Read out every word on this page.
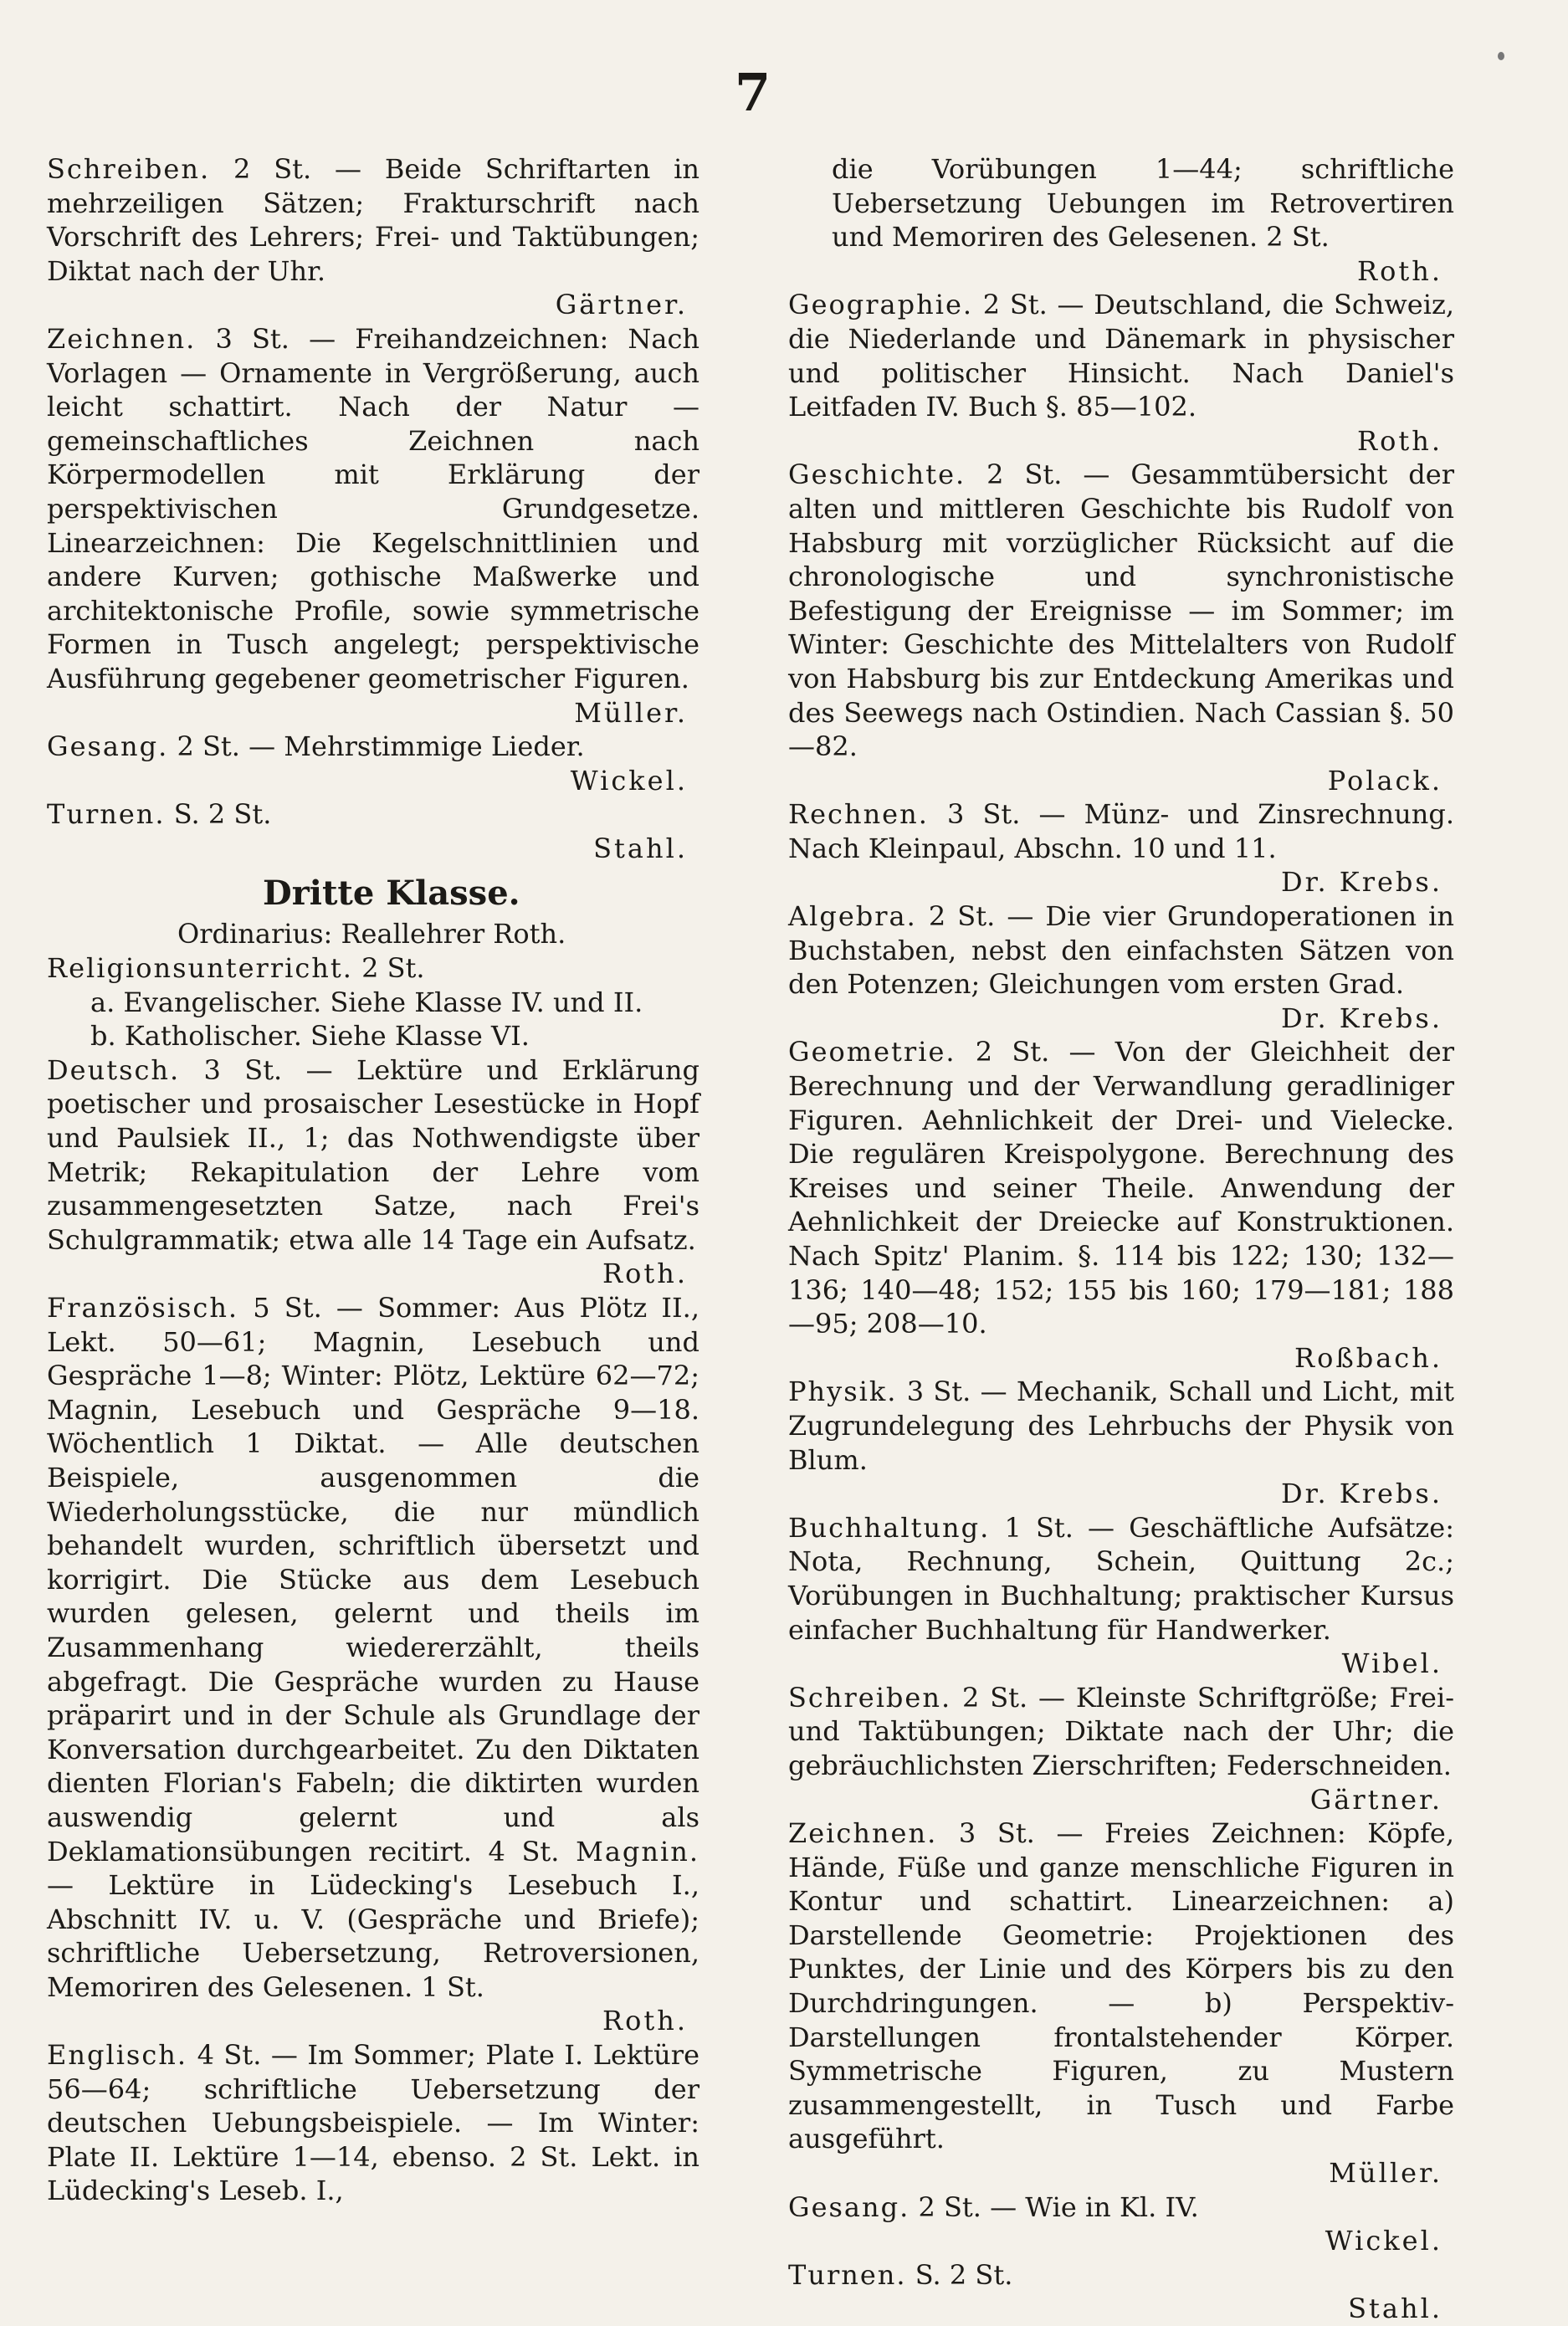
7

Schreiben. 2 St. — Beide Schriftarten in mehrzeiligen Sätzen; Frakturschrift nach Vorschrift des Lehrers; Frei- und Taktübungen; Diktat nach der Uhr.
Gärtner.

Zeichnen. 3 St. — Freihandzeichnen: Nach Vorlagen — Ornamente in Vergrößerung, auch leicht schattirt. Nach der Natur — gemeinschaftliches Zeichnen nach Körpermodellen mit Erklärung der perspektivischen Grundgesetze. Linearzeichnen: Die Kegelschnittlinien und andere Kurven; gothische Maßwerke und architektonische Profile, sowie symmetrische Formen in Tusch angelegt; perspektivische Ausführung gegebener geometrischer Figuren.
Müller.

Gesang. 2 St. — Mehrstimmige Lieder.
Wickel.

Turnen. S. 2 St.
Stahl.

Dritte Klasse.

Ordinarius: Reallehrer Roth.

Religionsunterricht. 2 St.

a. Evangelischer. Siehe Klasse IV. und II.

b. Katholischer. Siehe Klasse VI.

Deutsch. 3 St. — Lektüre und Erklärung poetischer und prosaischer Lesestücke in Hopf und Paulsiek II., 1; das Nothwendigste über Metrik; Rekapitulation der Lehre vom zusammengesetzten Satze, nach Frei's Schulgrammatik; etwa alle 14 Tage ein Aufsatz.
Roth.

Französisch. 5 St. — Sommer: Aus Plötz II., Lekt. 50—61; Magnin, Lesebuch und Gespräche 1—8; Winter: Plötz, Lektüre 62—72; Magnin, Lesebuch und Gespräche 9—18. Wöchentlich 1 Diktat. — Alle deutschen Beispiele, ausgenommen die Wiederholungsstücke, die nur mündlich behandelt wurden, schriftlich übersetzt und korrigirt. Die Stücke aus dem Lesebuch wurden gelesen, gelernt und theils im Zusammenhang wiedererzählt, theils abgefragt. Die Gespräche wurden zu Hause präparirt und in der Schule als Grundlage der Konversation durchgearbeitet. Zu den Diktaten dienten Florian's Fabeln; die diktirten wurden auswendig gelernt und als Deklamationsübungen recitirt. 4 St. Magnin. — Lektüre in Lüdecking's Lesebuch I., Abschnitt IV. u. V. (Gespräche und Briefe); schriftliche Uebersetzung, Retroversionen, Memoriren des Gelesenen. 1 St.
Roth.

Englisch. 4 St. — Im Sommer; Plate I. Lektüre 56—64; schriftliche Uebersetzung der deutschen Uebungsbeispiele. — Im Winter: Plate II. Lektüre 1—14, ebenso. 2 St. Lekt. in Lüdecking's Leseb. I.,

die Vorübungen 1—44; schriftliche Uebersetzung Uebungen im Retrovertiren und Memoriren des Gelesenen. 2 St.
Roth.

Geographie. 2 St. — Deutschland, die Schweiz, die Niederlande und Dänemark in physischer und politischer Hinsicht. Nach Daniel's Leitfaden IV. Buch §. 85—102.
Roth.

Geschichte. 2 St. — Gesammtübersicht der alten und mittleren Geschichte bis Rudolf von Habsburg mit vorzüglicher Rücksicht auf die chronologische und synchronistische Befestigung der Ereignisse — im Sommer; im Winter: Geschichte des Mittelalters von Rudolf von Habsburg bis zur Entdeckung Amerikas und des Seewegs nach Ostindien. Nach Cassian §. 50—82.
Polack.

Rechnen. 3 St. — Münz- und Zinsrechnung. Nach Kleinpaul, Abschn. 10 und 11.
Dr. Krebs.

Algebra. 2 St. — Die vier Grundoperationen in Buchstaben, nebst den einfachsten Sätzen von den Potenzen; Gleichungen vom ersten Grad.
Dr. Krebs.

Geometrie. 2 St. — Von der Gleichheit der Berechnung und der Verwandlung geradliniger Figuren. Aehnlichkeit der Drei- und Vielecke. Die regulären Kreispolygone. Berechnung des Kreises und seiner Theile. Anwendung der Aehnlichkeit der Dreiecke auf Konstruktionen. Nach Spitz' Planim. §. 114 bis 122; 130; 132—136; 140—48; 152; 155 bis 160; 179—181; 188—95; 208—10.
Roßbach.

Physik. 3 St. — Mechanik, Schall und Licht, mit Zugrundelegung des Lehrbuchs der Physik von Blum.
Dr. Krebs.

Buchhaltung. 1 St. — Geschäftliche Aufsätze: Nota, Rechnung, Schein, Quittung 2c.; Vorübungen in Buchhaltung; praktischer Kursus einfacher Buchhaltung für Handwerker.
Wibel.

Schreiben. 2 St. — Kleinste Schriftgröße; Frei- und Taktübungen; Diktate nach der Uhr; die gebräuchlichsten Zierschriften; Federschneiden.
Gärtner.

Zeichnen. 3 St. — Freies Zeichnen: Köpfe, Hände, Füße und ganze menschliche Figuren in Kontur und schattirt. Linearzeichnen: a) Darstellende Geometrie: Projektionen des Punktes, der Linie und des Körpers bis zu den Durchdringungen. — b) Perspektiv-Darstellungen frontalstehender Körper. Symmetrische Figuren, zu Mustern zusammengestellt, in Tusch und Farbe ausgeführt.
Müller.

Gesang. 2 St. — Wie in Kl. IV.
Wickel.

Turnen. S. 2 St.
Stahl.
